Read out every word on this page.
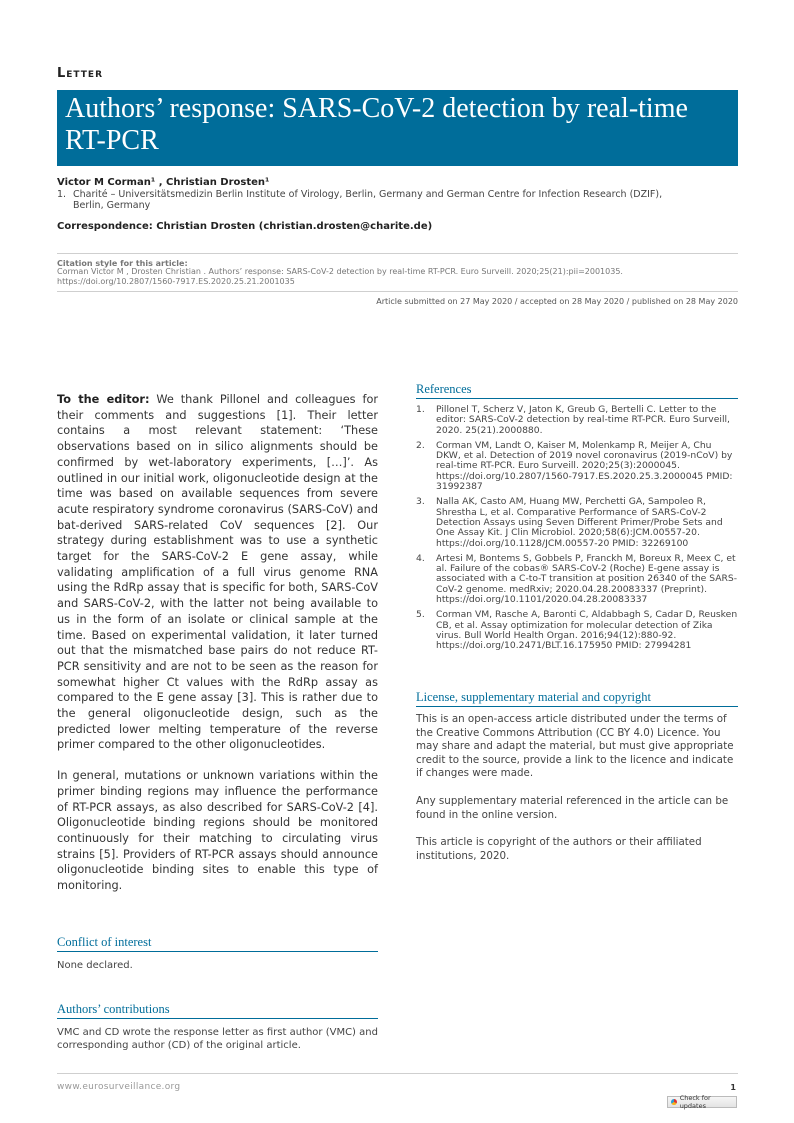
Letter
Authors’ response: SARS-CoV-2 detection by real-time RT-PCR
Victor M Corman¹ , Christian Drosten¹
1. Charité – Universitätsmedizin Berlin Institute of Virology, Berlin, Germany and German Centre for Infection Research (DZIF),
Berlin, Germany
Correspondence: Christian Drosten (christian.drosten@charite.de)
Citation style for this article:
Corman Victor M , Drosten Christian . Authors’ response: SARS-CoV-2 detection by real-time RT-PCR. Euro Surveill. 2020;25(21):pii=2001035. https://doi.org/10.2807/1560-7917.ES.2020.25.21.2001035
Article submitted on 27 May 2020 / accepted on 28 May 2020 / published on 28 May 2020

To the editor: We thank Pillonel and colleagues for their comments and suggestions [1]. Their letter contains a most relevant statement: ‘These observations based on in silico alignments should be confirmed by wet-laboratory experiments, […]’. As outlined in our initial work, oligonucleotide design at the time was based on available sequences from severe acute respiratory syndrome coronavirus (SARS-CoV) and bat-derived SARS-related CoV sequences [2]. Our strategy during establishment was to use a synthetic target for the SARS-CoV-2 E gene assay, while validating amplification of a full virus genome RNA using the RdRp assay that is specific for both, SARS-CoV and SARS-CoV-2, with the latter not being available to us in the form of an isolate or clinical sample at the time. Based on experimental validation, it later turned out that the mismatched base pairs do not reduce RT-PCR sensitivity and are not to be seen as the reason for somewhat higher Ct values with the RdRp assay as compared to the E gene assay [3]. This is rather due to the general oligonucleotide design, such as the predicted lower melting temperature of the reverse primer compared to the other oligonucleotides.

In general, mutations or unknown variations within the primer binding regions may influence the performance of RT-PCR assays, as also described for SARS-CoV-2 [4]. Oligonucleotide binding regions should be monitored continuously for their matching to circulating virus strains [5]. Providers of RT-PCR assays should announce oligonucleotide binding sites to enable this type of monitoring.

Conflict of interest
None declared.
Authors’ contributions
VMC and CD wrote the response letter as first author (VMC) and corresponding author (CD) of the original article.
References
1. Pillonel T, Scherz V, Jaton K, Greub G, Bertelli C. Letter to the editor: SARS-CoV-2 detection by real-time RT-PCR. Euro Surveill, 2020. 25(21).2000880.
2. Corman VM, Landt O, Kaiser M, Molenkamp R, Meijer A, Chu DKW, et al. Detection of 2019 novel coronavirus (2019-nCoV) by real-time RT-PCR. Euro Surveill. 2020;25(3):2000045. https://doi.org/10.2807/1560-7917.ES.2020.25.3.2000045 PMID: 31992387
3. Nalla AK, Casto AM, Huang MW, Perchetti GA, Sampoleo R, Shrestha L, et al. Comparative Performance of SARS-CoV-2 Detection Assays using Seven Different Primer/Probe Sets and One Assay Kit. J Clin Microbiol. 2020;58(6):JCM.00557-20. https://doi.org/10.1128/JCM.00557-20 PMID: 32269100
4. Artesi M, Bontems S, Gobbels P, Franckh M, Boreux R, Meex C, et al. Failure of the cobas® SARS-CoV-2 (Roche) E-gene assay is associated with a C-to-T transition at position 26340 of the SARS-CoV-2 genome. medRxiv; 2020.04.28.20083337 (Preprint). https://doi.org/10.1101/2020.04.28.20083337
5. Corman VM, Rasche A, Baronti C, Aldabbagh S, Cadar D, Reusken CB, et al. Assay optimization for molecular detection of Zika virus. Bull World Health Organ. 2016;94(12):880-92. https://doi.org/10.2471/BLT.16.175950 PMID: 27994281
License, supplementary material and copyright
This is an open-access article distributed under the terms of the Creative Commons Attribution (CC BY 4.0) Licence. You may share and adapt the material, but must give appropriate credit to the source, provide a link to the licence and indicate if changes were made.
Any supplementary material referenced in the article can be found in the online version.
This article is copyright of the authors or their affiliated institutions, 2020.
www.eurosurveillance.org	1
Check for updates
